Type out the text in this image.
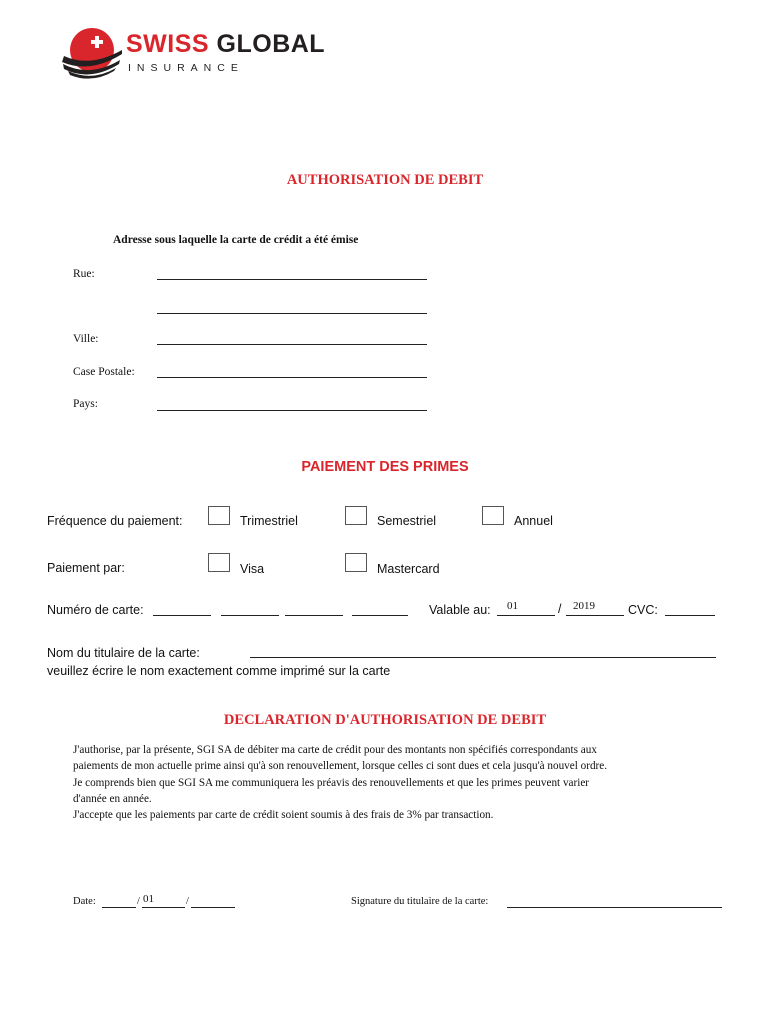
SWISS GLOBAL
INSURANCE
AUTHORISATION DE DEBIT
Adresse sous laquelle la carte de crédit a été émise
Rue:
Ville:
Case Postale:
Pays:
PAIEMENT DES PRIMES
Fréquence du paiement:	Trimestriel	Semestriel	Annuel
Paiement par:	Visa	Mastercard
Numéro de carte:	Valable au: 01	/ 2019	CVC:
Nom du titulaire de la carte:
veuillez écrire le nom exactement comme imprimé sur la carte
DECLARATION D'AUTHORISATION DE DEBIT
J'authorise, par la présente, SGI SA de débiter ma carte de crédit pour des montants non spécifiés correspondants aux
paiements de mon actuelle prime ainsi qu'à son renouvellement, lorsque celles ci sont dues et cela jusqu'à nouvel ordre.
Je comprends bien que SGI SA me communiquera les préavis des renouvellements et que les primes peuvent varier
d'année en année.
J'accepte que les paiements par carte de crédit soient soumis à des frais de 3% par transaction.
Date:	/ 01	/	Signature du titulaire de la carte:
